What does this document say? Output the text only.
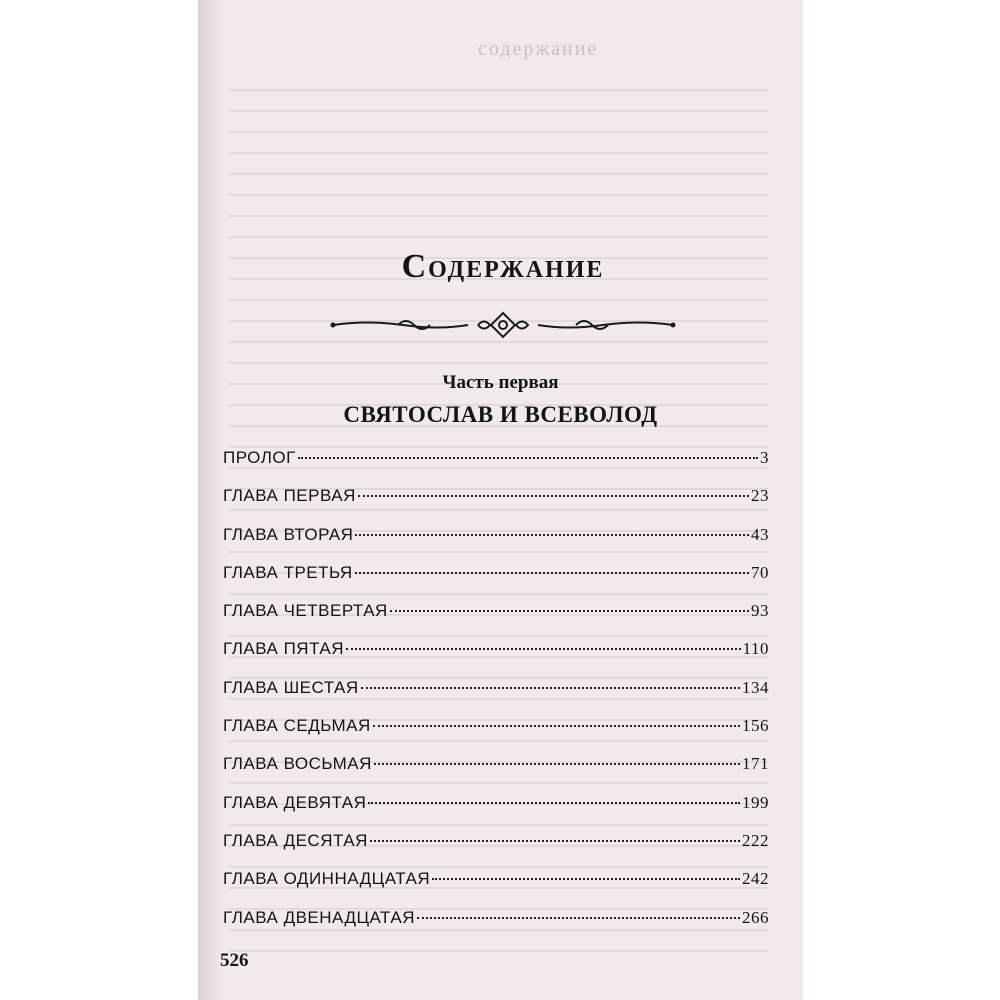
содержание
Содержание
Часть первая
СВЯТОСЛАВ И ВСЕВОЛОД
ПРОЛОГ	3
ГЛАВА ПЕРВАЯ	23
ГЛАВА ВТОРАЯ	43
ГЛАВА ТРЕТЬЯ	70
ГЛАВА ЧЕТВЕРТАЯ	93
ГЛАВА ПЯТАЯ	110
ГЛАВА ШЕСТАЯ	134
ГЛАВА СЕДЬМАЯ	156
ГЛАВА ВОСЬМАЯ	171
ГЛАВА ДЕВЯТАЯ	199
ГЛАВА ДЕСЯТАЯ	222
ГЛАВА ОДИННАДЦАТАЯ	242
ГЛАВА ДВЕНАДЦАТАЯ	266
526
